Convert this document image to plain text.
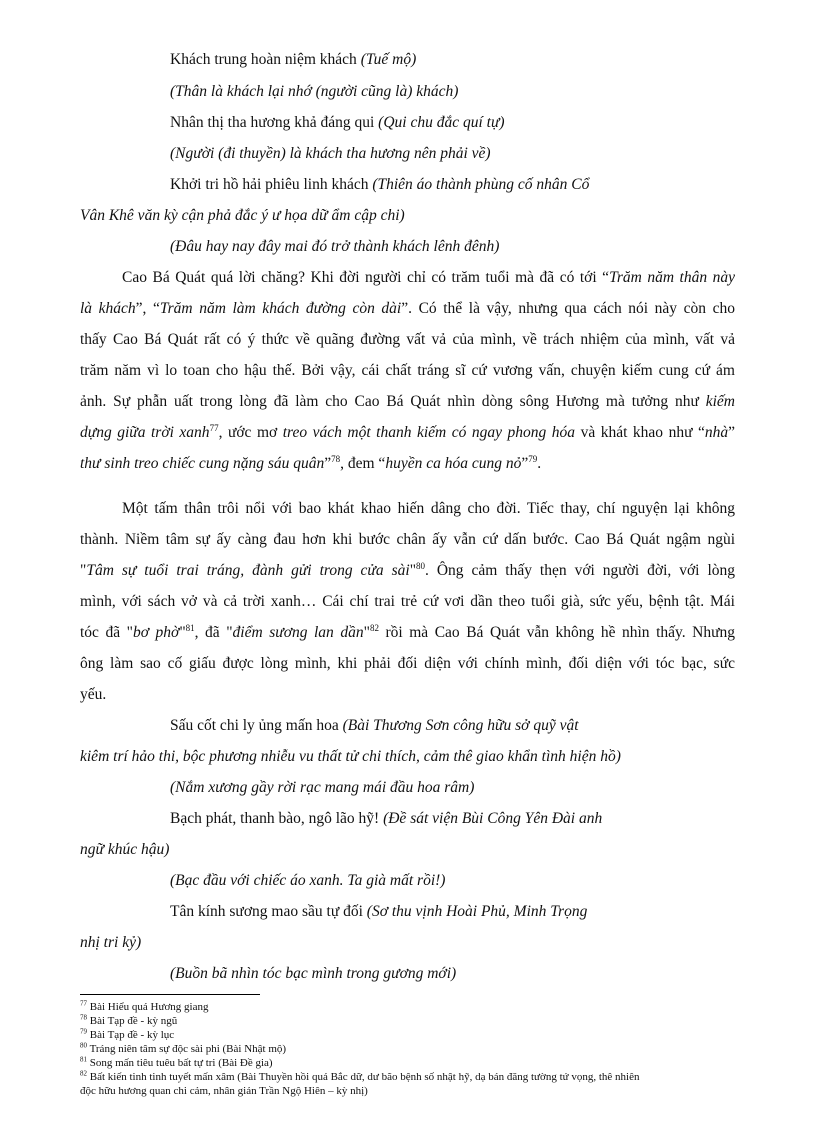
Khách trung hoàn niệm khách (Tuế mộ)
(Thân là khách lại nhớ (người cũng là) khách)
Nhân thị tha hương khả đáng qui (Qui chu đắc quí tự)
(Người (đi thuyền) là khách tha hương nên phải về)
Khởi tri hồ hải phiêu linh khách (Thiên áo thành phùng cố nhân Cổ
Vân Khê văn kỳ cận phả đắc ý ư họa dữ ẩm cập chi)
(Đâu hay nay đây mai đó trở thành khách lênh đênh)
Cao Bá Quát quá lời chăng? Khi đời người chỉ có trăm tuổi mà đã có tới “Trăm năm thân này
là khách”, “Trăm năm làm khách đường còn dài”. Có thể là vậy, nhưng qua cách nói này còn cho
thấy Cao Bá Quát rất có ý thức về quãng đường vất vả của mình, về trách nhiệm của mình, vất vả
trăm năm vì lo toan cho hậu thế. Bởi vậy, cái chất tráng sĩ cứ vương vấn, chuyện kiếm cung cứ ám
ảnh. Sự phẫn uất trong lòng đã làm cho Cao Bá Quát nhìn dòng sông Hương mà tưởng như kiếm
dựng giữa trời xanh$^{77}$, ước mơ treo vách một thanh kiếm có ngay phong hóa và khát khao như “nhà”
thư sinh treo chiếc cung nặng sáu quân”$^{78}$, đem “huyền ca hóa cung nỏ”$^{79}$.
Một tấm thân trôi nổi với bao khát khao hiến dâng cho đời. Tiếc thay, chí nguyện lại không
thành. Niềm tâm sự ấy càng đau hơn khi bước chân ấy vẫn cứ dấn bước. Cao Bá Quát ngậm ngùi
"Tâm sự tuổi trai tráng, đành gửi trong cửa sài"$^{80}$. Ông cảm thấy thẹn với người đời, với lòng
mình, với sách vở và cả trời xanh… Cái chí trai trẻ cứ vơi dần theo tuổi già, sức yếu, bệnh tật. Mái
tóc đã "bơ phờ"$^{81}$, đã "điểm sương lan dần"$^{82}$ rồi mà Cao Bá Quát vẫn không hề nhìn thấy. Nhưng
ông làm sao cố giấu được lòng mình, khi phải đối diện với chính mình, đối diện với tóc bạc, sức
yếu.
Sấu cốt chi ly ủng mấn hoa (Bài Thương Sơn công hữu sở quỹ vật
kiêm trí hảo thi, bộc phương nhiễu vu thất tử chi thích, cảm thê giao khẩn tình hiện hồ)
(Nắm xương gầy rời rạc mang mái đầu hoa râm)
Bạch phát, thanh bào, ngô lão hỹ! (Đề sát viện Bùi Công Yên Đài anh
ngữ khúc hậu)
(Bạc đầu với chiếc áo xanh. Ta già mất rồi!)
Tân kính sương mao sầu tự đối (Sơ thu vịnh Hoài Phủ, Minh Trọng
nhị tri kỷ)
(Buồn bã nhìn tóc bạc mình trong gương mới)
$^{77}$ Bài Hiểu quá Hương giang
$^{78}$ Bài Tạp đề - kỳ ngũ
$^{79}$ Bài Tạp đề - kỳ lục
$^{80}$ Tráng niên tâm sự độc sài phi (Bài Nhật mộ)
$^{81}$ Song mấn tiêu tuêu bất tự tri (Bài Đề gia)
$^{82}$ Bất kiến tinh tinh tuyết mấn xâm (Bài Thuyền hồi quá Bắc dữ, dư bão bệnh số nhật hỹ, dạ bán đăng tường tứ vọng, thê nhiên
độc hữu hương quan chi cảm, nhân giản Trần Ngộ Hiên – kỳ nhị)
